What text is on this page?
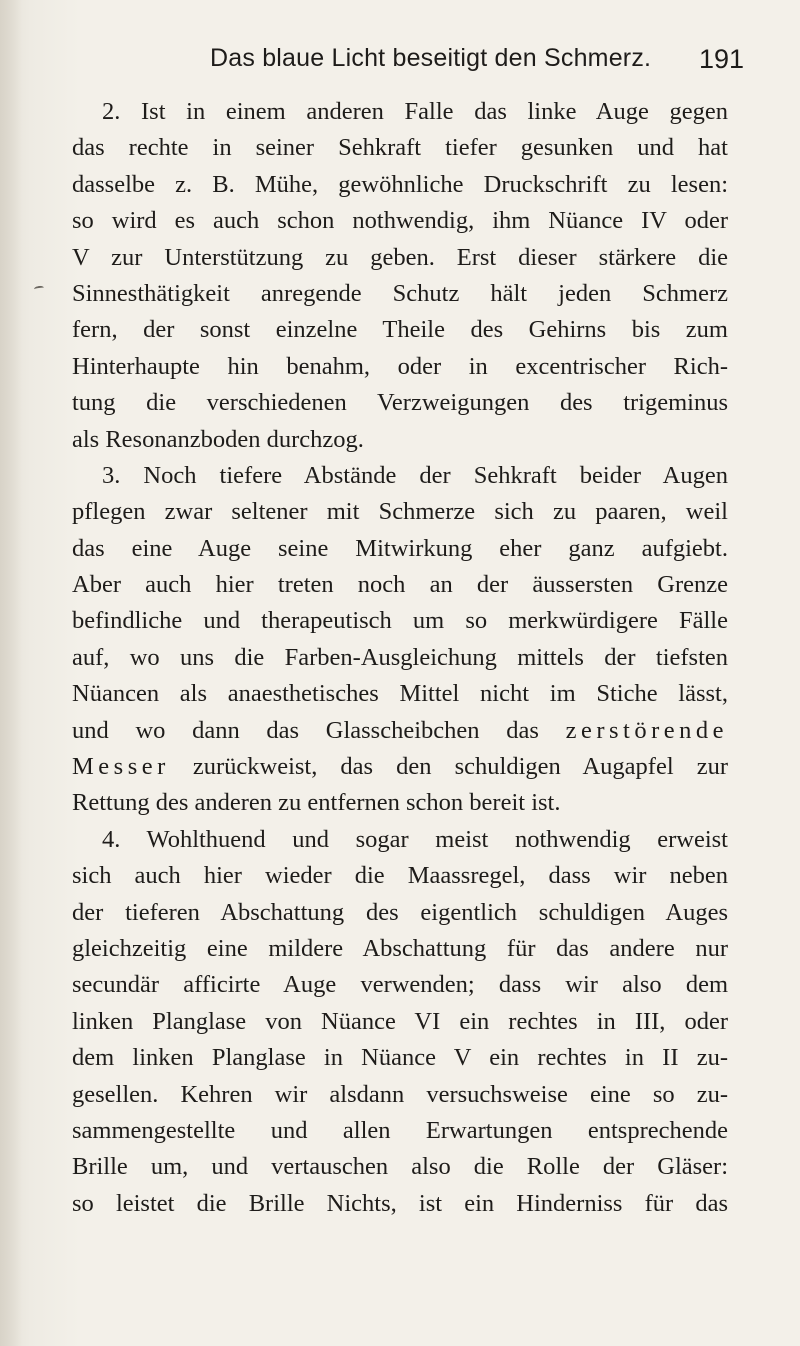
Das blaue Licht beseitigt den Schmerz. 191
2. Ist in einem anderen Falle das linke Auge gegen
das rechte in seiner Sehkraft tiefer gesunken und hat
dasselbe z. B. Mühe, gewöhnliche Druckschrift zu lesen:
so wird es auch schon nothwendig, ihm Nüance IV oder
V zur Unterstützung zu geben. Erst dieser stärkere die
Sinnesthätigkeit anregende Schutz hält jeden Schmerz
fern, der sonst einzelne Theile des Gehirns bis zum
Hinterhaupte hin benahm, oder in excentrischer Rich-
tung die verschiedenen Verzweigungen des trigeminus
als Resonanzboden durchzog.
3. Noch tiefere Abstände der Sehkraft beider Augen
pflegen zwar seltener mit Schmerze sich zu paaren, weil
das eine Auge seine Mitwirkung eher ganz aufgiebt.
Aber auch hier treten noch an der äussersten Grenze
befindliche und therapeutisch um so merkwürdigere Fälle
auf, wo uns die Farben-Ausgleichung mittels der tiefsten
Nüancen als anaesthetisches Mittel nicht im Stiche lässt,
und wo dann das Glasscheibchen das zerstörende
Messer zurückweist, das den schuldigen Augapfel zur
Rettung des anderen zu entfernen schon bereit ist.
4. Wohlthuend und sogar meist nothwendig erweist
sich auch hier wieder die Maassregel, dass wir neben
der tieferen Abschattung des eigentlich schuldigen Auges
gleichzeitig eine mildere Abschattung für das andere nur
secundär afficirte Auge verwenden; dass wir also dem
linken Planglase von Nüance VI ein rechtes in III, oder
dem linken Planglase in Nüance V ein rechtes in II zu-
gesellen. Kehren wir alsdann versuchsweise eine so zu-
sammengestellte und allen Erwartungen entsprechende
Brille um, und vertauschen also die Rolle der Gläser:
so leistet die Brille Nichts, ist ein Hinderniss für das
